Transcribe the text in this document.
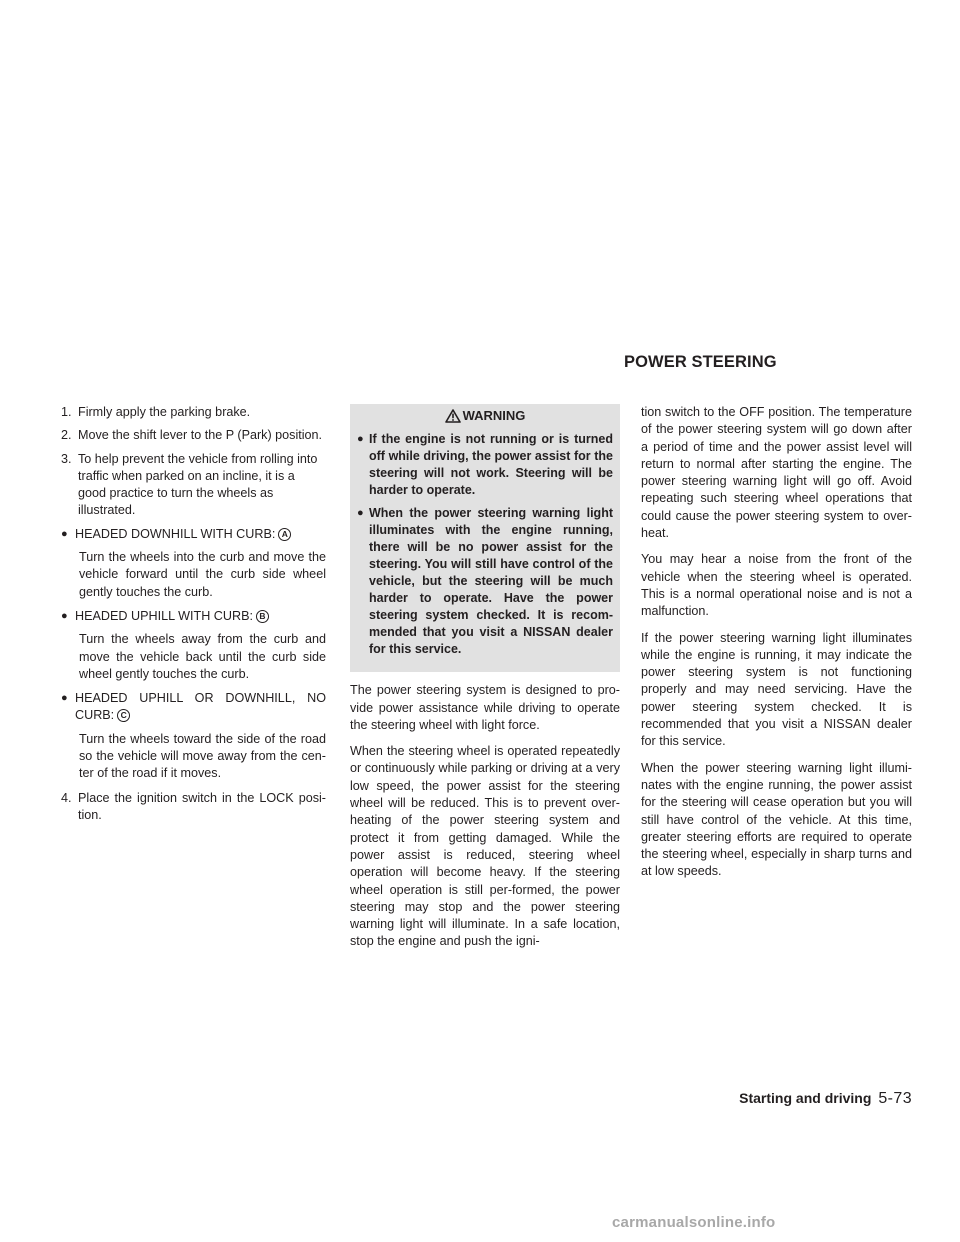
POWER STEERING
1. Firmly apply the parking brake.
2. Move the shift lever to the P (Park) position.
3. To help prevent the vehicle from rolling into traffic when parked on an incline, it is a good practice to turn the wheels as illustrated.
● HEADED DOWNHILL WITH CURB: A
Turn the wheels into the curb and move the vehicle forward until the curb side wheel gently touches the curb.
● HEADED UPHILL WITH CURB: B
Turn the wheels away from the curb and move the vehicle back until the curb side wheel gently touches the curb.
● HEADED UPHILL OR DOWNHILL, NO CURB: C
Turn the wheels toward the side of the road so the vehicle will move away from the cen-ter of the road if it moves.
4. Place the ignition switch in the LOCK posi-tion.
WARNING
● If the engine is not running or is turned off while driving, the power assist for the steering will not work. Steering will be harder to operate.
● When the power steering warning light illuminates with the engine running, there will be no power assist for the steering. You will still have control of the vehicle, but the steering will be much harder to operate. Have the power steering system checked. It is recom-mended that you visit a NISSAN dealer for this service.

The power steering system is designed to pro-vide power assistance while driving to operate the steering wheel with light force.

When the steering wheel is operated repeatedly or continuously while parking or driving at a very low speed, the power assist for the steering wheel will be reduced. This is to prevent over-heating of the power steering system and protect it from getting damaged. While the power assist is reduced, steering wheel operation will become heavy. If the steering wheel operation is still per-formed, the power steering may stop and the power steering warning light will illuminate. In a safe location, stop the engine and push the igni-

tion switch to the OFF position. The temperature of the power steering system will go down after a period of time and the power assist level will return to normal after starting the engine. The power steering warning light will go off. Avoid repeating such steering wheel operations that could cause the power steering system to over-heat.

You may hear a noise from the front of the vehicle when the steering wheel is operated. This is a normal operational noise and is not a malfunction.

If the power steering warning light illuminates while the engine is running, it may indicate the power steering system is not functioning properly and may need servicing. Have the power steering system checked. It is recommended that you visit a NISSAN dealer for this service.

When the power steering warning light illumi-nates with the engine running, the power assist for the steering will cease operation but you will still have control of the vehicle. At this time, greater steering efforts are required to operate the steering wheel, especially in sharp turns and at low speeds.

Starting and driving 5-73
carmanualsonline.info
